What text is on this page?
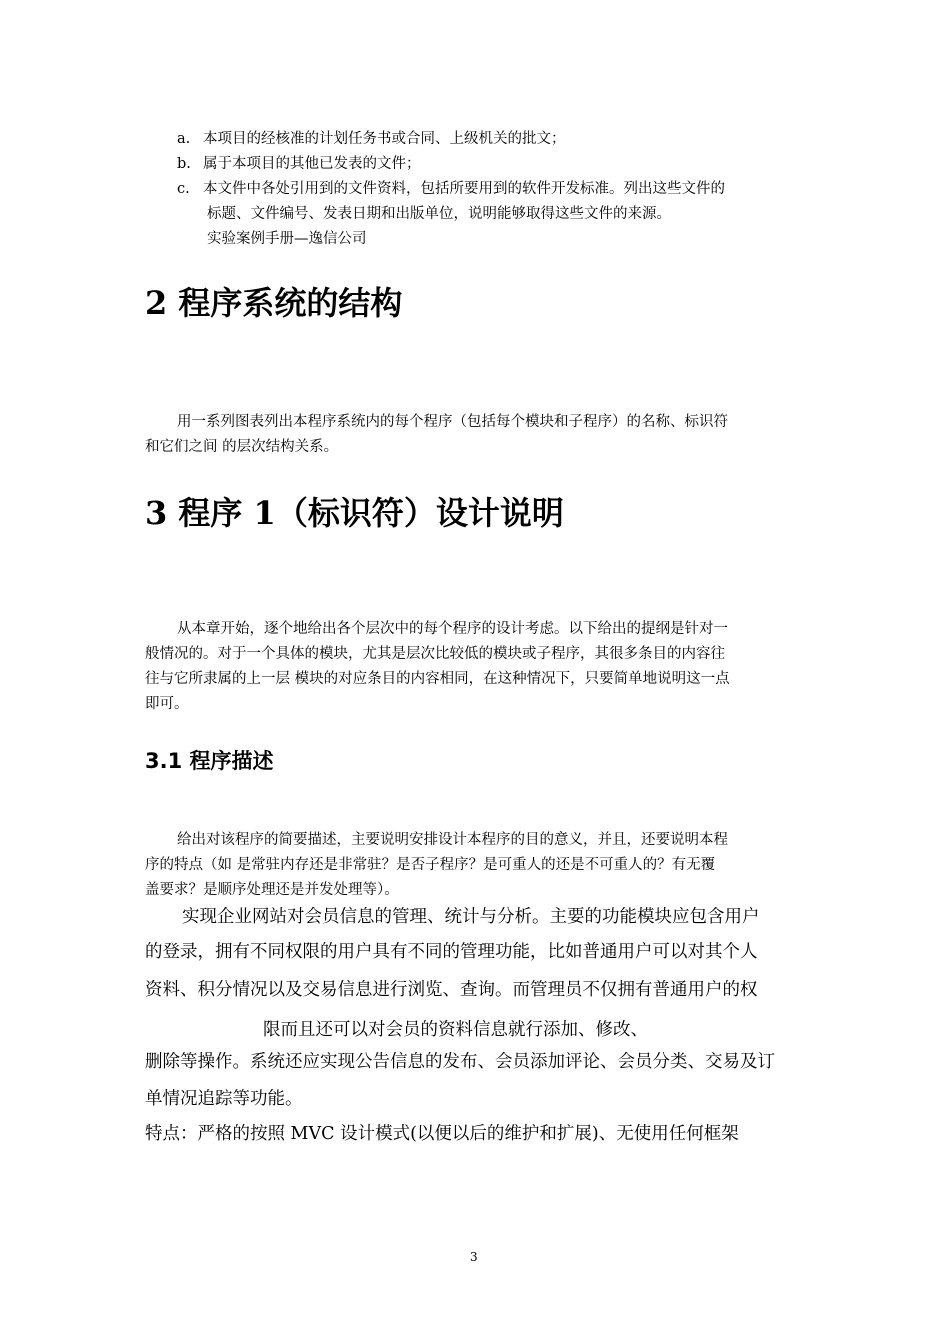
a. 本项目的经核准的计划任务书或合同、上级机关的批文；
b. 属于本项目的其他已发表的文件；
c. 本文件中各处引用到的文件资料，包括所要用到的软件开发标准。列出这些文件的
标题、文件编号、发表日期和出版单位，说明能够取得这些文件的来源。
实验案例手册—逸信公司
2 程序系统的结构
用一系列图表列出本程序系统内的每个程序（包括每个模块和子程序）的名称、标识符
和它们之间 的层次结构关系。
3 程序 1（标识符）设计说明
从本章开始，逐个地给出各个层次中的每个程序的设计考虑。以下给出的提纲是针对一
般情况的。对于一个具体的模块，尤其是层次比较低的模块或子程序，其很多条目的内容往
往与它所隶属的上一层 模块的对应条目的内容相同，在这种情况下，只要简单地说明这一点
即可。
3.1 程序描述
给出对该程序的简要描述，主要说明安排设计本程序的目的意义，并且，还要说明本程
序的特点（如 是常驻内存还是非常驻？是否子程序？是可重人的还是不可重人的？有无覆
盖要求？是顺序处理还是并发处理等）。
实现企业网站对会员信息的管理、统计与分析。主要的功能模块应包含用户
的登录，拥有不同权限的用户具有不同的管理功能，比如普通用户可以对其个人
资料、积分情况以及交易信息进行浏览、查询。而管理员不仅拥有普通用户的权
限而且还可以对会员的资料信息就行添加、修改、
删除等操作。系统还应实现公告信息的发布、会员添加评论、会员分类、交易及订
单情况追踪等功能。
特点：严格的按照 MVC 设计模式(以便以后的维护和扩展)、无使用任何框架
3
